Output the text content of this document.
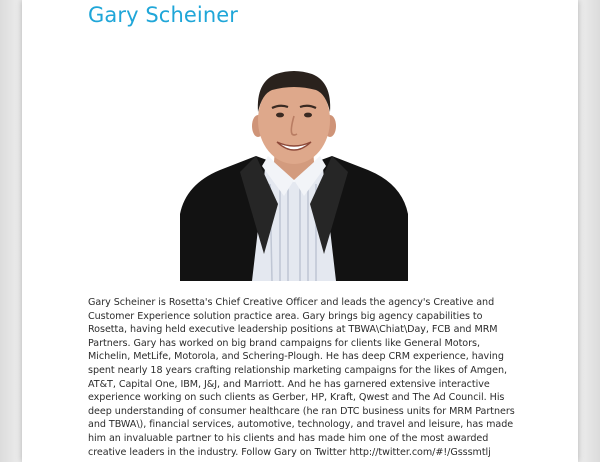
Gary Scheiner

Gary Scheiner is Rosetta's Chief Creative Officer and leads the agency's Creative and Customer Experience solution practice area. Gary brings big agency capabilities to Rosetta, having held executive leadership positions at TBWA\Chiat\Day, FCB and MRM Partners. Gary has worked on big brand campaigns for clients like General Motors, Michelin, MetLife, Motorola, and Schering-Plough. He has deep CRM experience, having spent nearly 18 years crafting relationship marketing campaigns for the likes of Amgen, AT&T, Capital One, IBM, J&J, and Marriott. And he has garnered extensive interactive experience working on such clients as Gerber, HP, Kraft, Qwest and The Ad Council. His deep understanding of consumer healthcare (he ran DTC business units for MRM Partners and TBWA\), financial services, automotive, technology, and travel and leisure, has made him an invaluable partner to his clients and has made him one of the most awarded creative leaders in the industry. Follow Gary on Twitter http://twitter.com/#!/Gsssmtlj
